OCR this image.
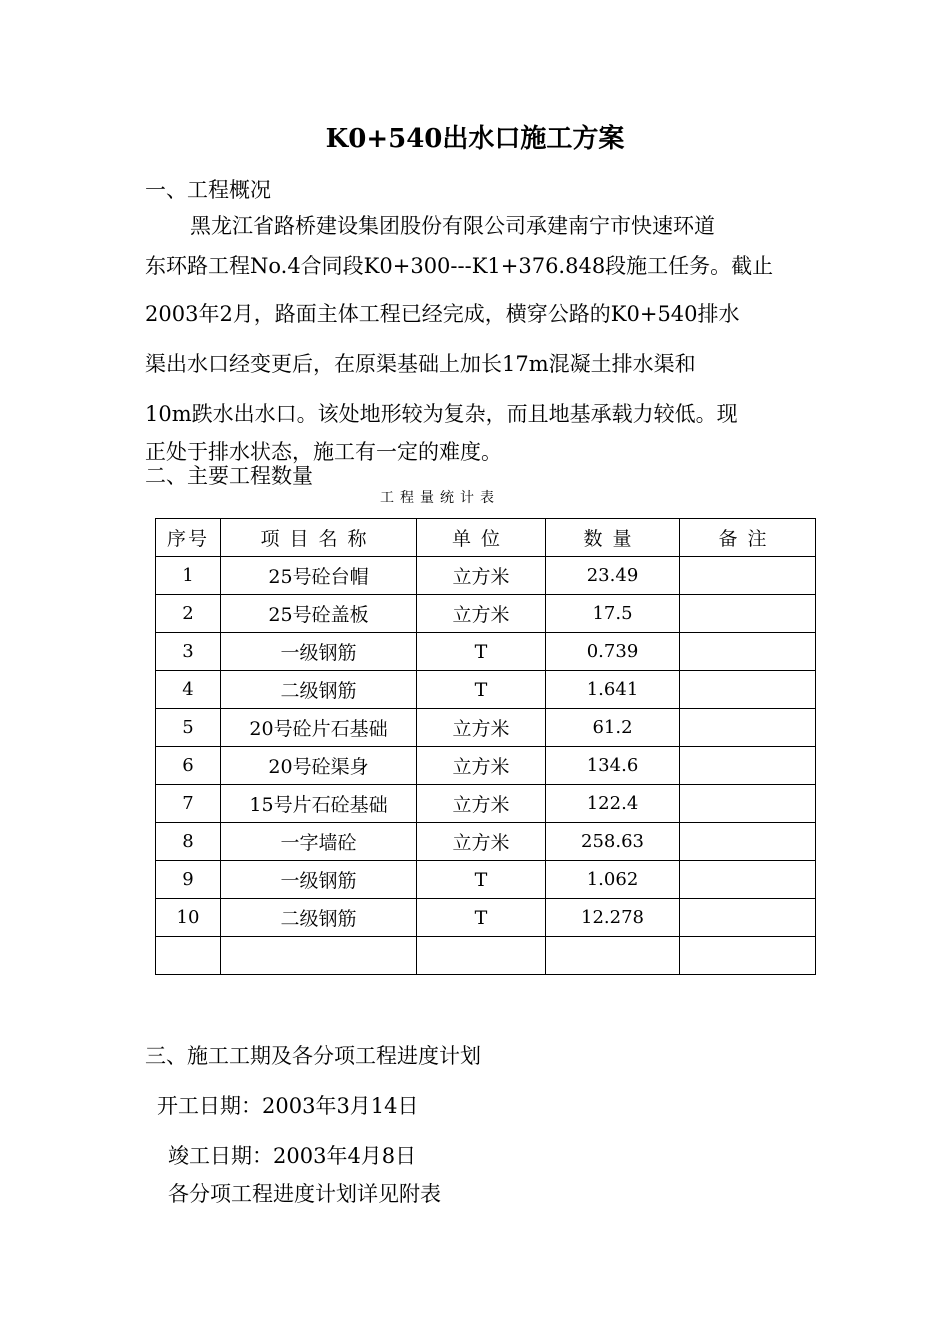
K0+540出水口施工方案
一、工程概况
黑龙江省路桥建设集团股份有限公司承建南宁市快速环道
东环路工程No.4合同段K0+300---K1+376.848段施工任务。截止
2003年2月，路面主体工程已经完成，横穿公路的K0+540排水
渠出水口经变更后，在原渠基础上加长17m混凝土排水渠和
10m跌水出水口。该处地形较为复杂，而且地基承载力较低。现
正处于排水状态，施工有一定的难度。
二、主要工程数量
工程量统计表
序号	项目名称	单位	数量	备注
1	25号砼台帽	立方米	23.49	
2	25号砼盖板	立方米	17.5	
3	一级钢筋	T	0.739	
4	二级钢筋	T	1.641	
5	20号砼片石基础	立方米	61.2	
6	20号砼渠身	立方米	134.6	
7	15号片石砼基础	立方米	122.4	
8	一字墙砼	立方米	258.63	
9	一级钢筋	T	1.062	
10	二级钢筋	T	12.278	

三、施工工期及各分项工程进度计划
开工日期：2003年3月14日
竣工日期：2003年4月8日
各分项工程进度计划详见附表
